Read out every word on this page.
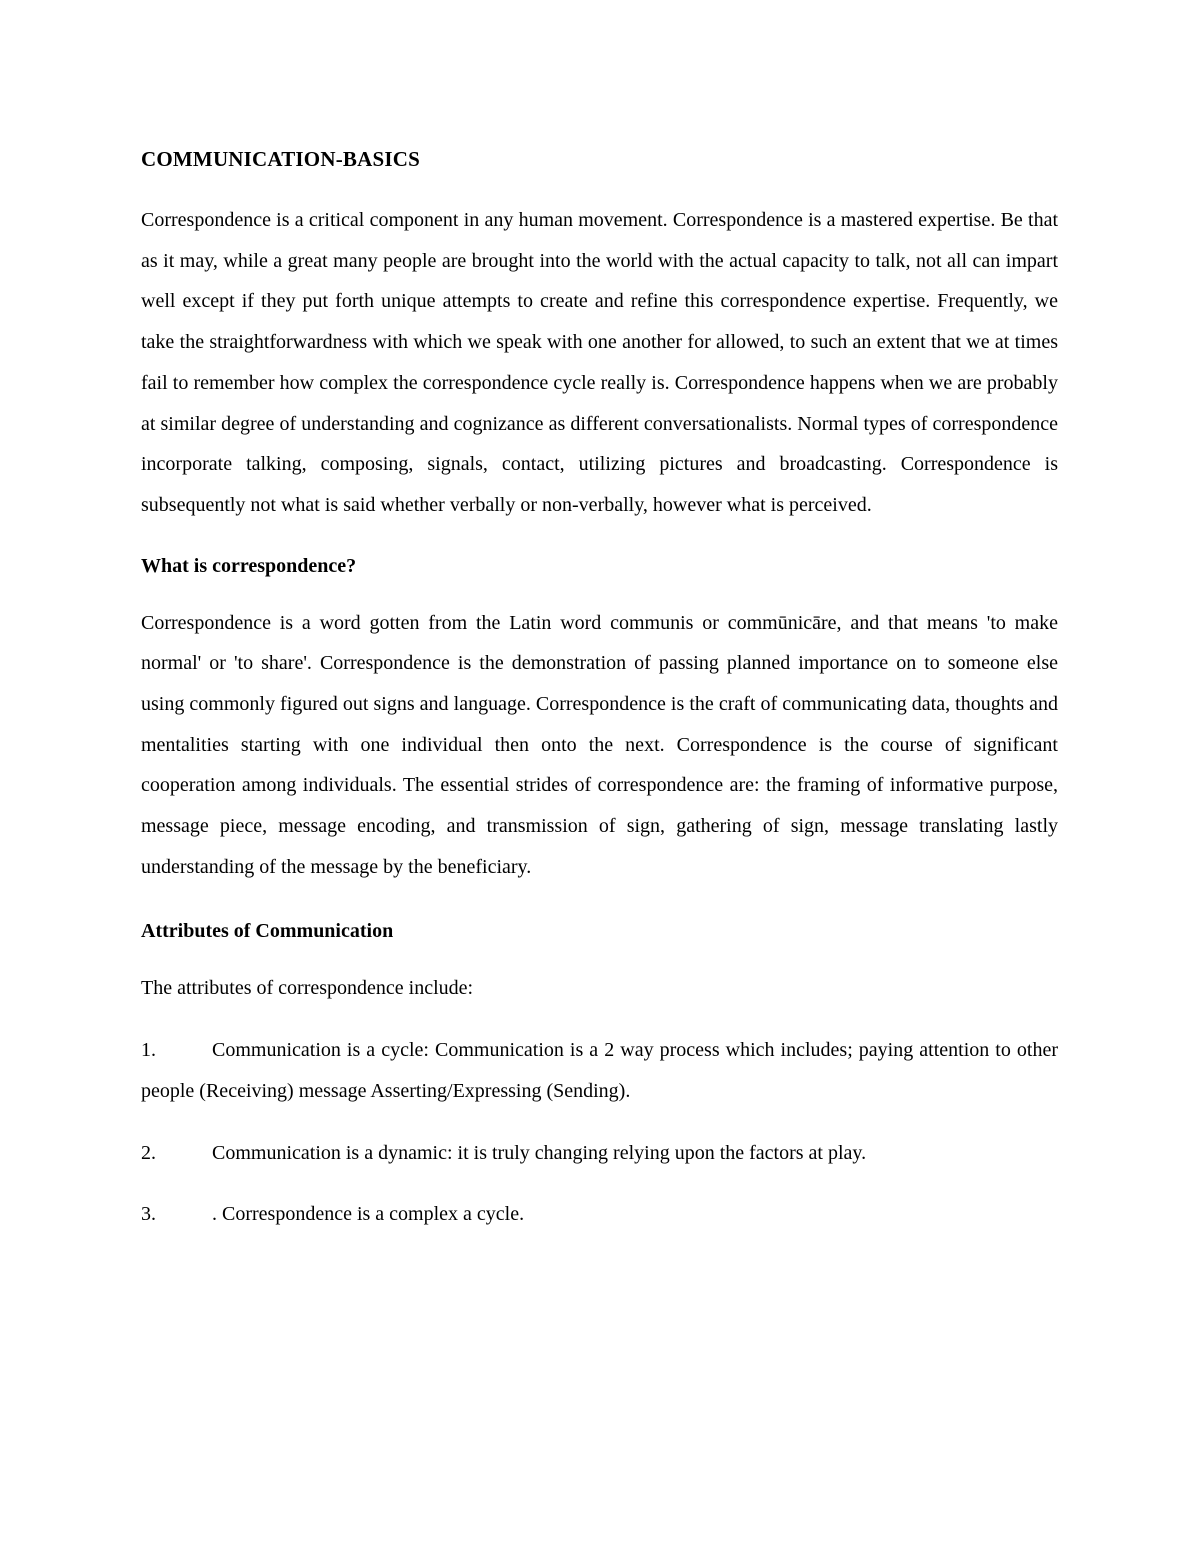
COMMUNICATION-BASICS

Correspondence is a critical component in any human movement. Correspondence is a mastered expertise. Be that as it may, while a great many people are brought into the world with the actual capacity to talk, not all can impart well except if they put forth unique attempts to create and refine this correspondence expertise. Frequently, we take the straightforwardness with which we speak with one another for allowed, to such an extent that we at times fail to remember how complex the correspondence cycle really is. Correspondence happens when we are probably at similar degree of understanding and cognizance as different conversationalists. Normal types of correspondence incorporate talking, composing, signals, contact, utilizing pictures and broadcasting. Correspondence is subsequently not what is said whether verbally or non-verbally, however what is perceived.

What is correspondence?

Correspondence is a word gotten from the Latin word communis or commūnicāre, and that means 'to make normal' or 'to share'. Correspondence is the demonstration of passing planned importance on to someone else using commonly figured out signs and language. Correspondence is the craft of communicating data, thoughts and mentalities starting with one individual then onto the next. Correspondence is the course of significant cooperation among individuals. The essential strides of correspondence are: the framing of informative purpose, message piece, message encoding, and transmission of sign, gathering of sign, message translating lastly understanding of the message by the beneficiary.

Attributes of Communication

The attributes of correspondence include:

1.	Communication is a cycle: Communication is a 2 way process which includes; paying attention to other people (Receiving) message Asserting/Expressing (Sending).
2.	Communication is a dynamic: it is truly changing relying upon the factors at play.
3.	. Correspondence is a complex a cycle.
